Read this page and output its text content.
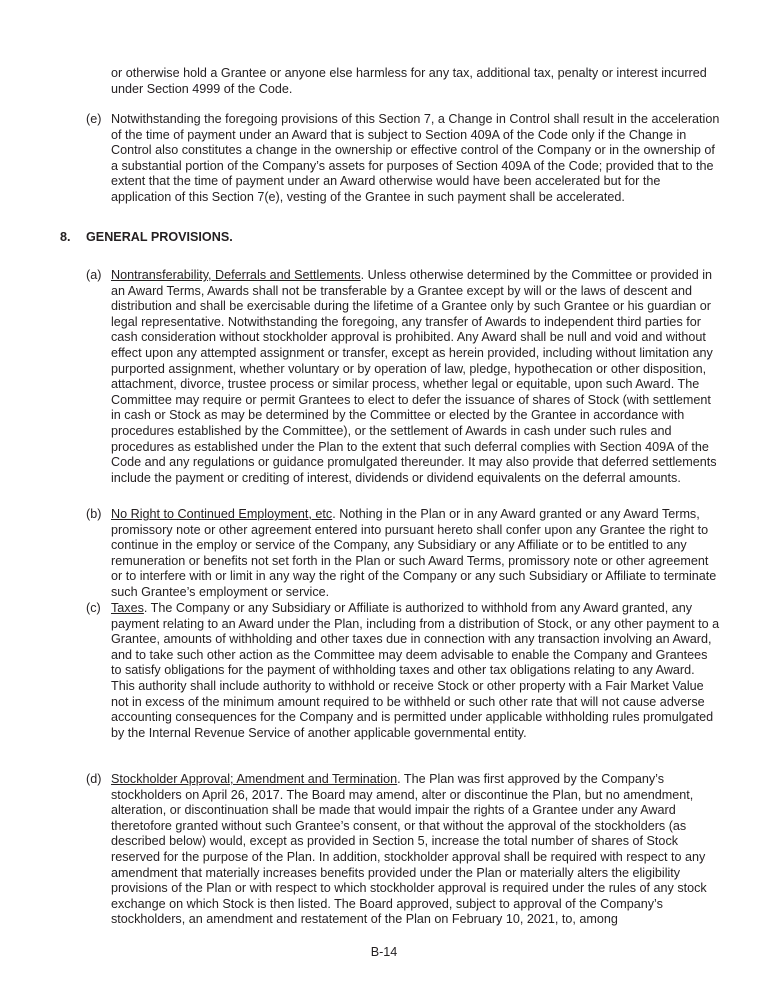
or otherwise hold a Grantee or anyone else harmless for any tax, additional tax, penalty or interest incurred under Section 4999 of the Code.
(e) Notwithstanding the foregoing provisions of this Section 7, a Change in Control shall result in the acceleration of the time of payment under an Award that is subject to Section 409A of the Code only if the Change in Control also constitutes a change in the ownership or effective control of the Company or in the ownership of a substantial portion of the Company’s assets for purposes of Section 409A of the Code; provided that to the extent that the time of payment under an Award otherwise would have been accelerated but for the application of this Section 7(e), vesting of the Grantee in such payment shall be accelerated.
8. GENERAL PROVISIONS.
(a) Nontransferability, Deferrals and Settlements. Unless otherwise determined by the Committee or provided in an Award Terms, Awards shall not be transferable by a Grantee except by will or the laws of descent and distribution and shall be exercisable during the lifetime of a Grantee only by such Grantee or his guardian or legal representative. Notwithstanding the foregoing, any transfer of Awards to independent third parties for cash consideration without stockholder approval is prohibited. Any Award shall be null and void and without effect upon any attempted assignment or transfer, except as herein provided, including without limitation any purported assignment, whether voluntary or by operation of law, pledge, hypothecation or other disposition, attachment, divorce, trustee process or similar process, whether legal or equitable, upon such Award. The Committee may require or permit Grantees to elect to defer the issuance of shares of Stock (with settlement in cash or Stock as may be determined by the Committee or elected by the Grantee in accordance with procedures established by the Committee), or the settlement of Awards in cash under such rules and procedures as established under the Plan to the extent that such deferral complies with Section 409A of the Code and any regulations or guidance promulgated thereunder. It may also provide that deferred settlements include the payment or crediting of interest, dividends or dividend equivalents on the deferral amounts.
(b) No Right to Continued Employment, etc. Nothing in the Plan or in any Award granted or any Award Terms, promissory note or other agreement entered into pursuant hereto shall confer upon any Grantee the right to continue in the employ or service of the Company, any Subsidiary or any Affiliate or to be entitled to any remuneration or benefits not set forth in the Plan or such Award Terms, promissory note or other agreement or to interfere with or limit in any way the right of the Company or any such Subsidiary or Affiliate to terminate such Grantee’s employment or service.
(c) Taxes. The Company or any Subsidiary or Affiliate is authorized to withhold from any Award granted, any payment relating to an Award under the Plan, including from a distribution of Stock, or any other payment to a Grantee, amounts of withholding and other taxes due in connection with any transaction involving an Award, and to take such other action as the Committee may deem advisable to enable the Company and Grantees to satisfy obligations for the payment of withholding taxes and other tax obligations relating to any Award. This authority shall include authority to withhold or receive Stock or other property with a Fair Market Value not in excess of the minimum amount required to be withheld or such other rate that will not cause adverse accounting consequences for the Company and is permitted under applicable withholding rules promulgated by the Internal Revenue Service of another applicable governmental entity.
(d) Stockholder Approval; Amendment and Termination. The Plan was first approved by the Company’s stockholders on April 26, 2017. The Board may amend, alter or discontinue the Plan, but no amendment, alteration, or discontinuation shall be made that would impair the rights of a Grantee under any Award theretofore granted without such Grantee’s consent, or that without the approval of the stockholders (as described below) would, except as provided in Section 5, increase the total number of shares of Stock reserved for the purpose of the Plan. In addition, stockholder approval shall be required with respect to any amendment that materially increases benefits provided under the Plan or materially alters the eligibility provisions of the Plan or with respect to which stockholder approval is required under the rules of any stock exchange on which Stock is then listed. The Board approved, subject to approval of the Company’s stockholders, an amendment and restatement of the Plan on February 10, 2021, to, among
B-14
